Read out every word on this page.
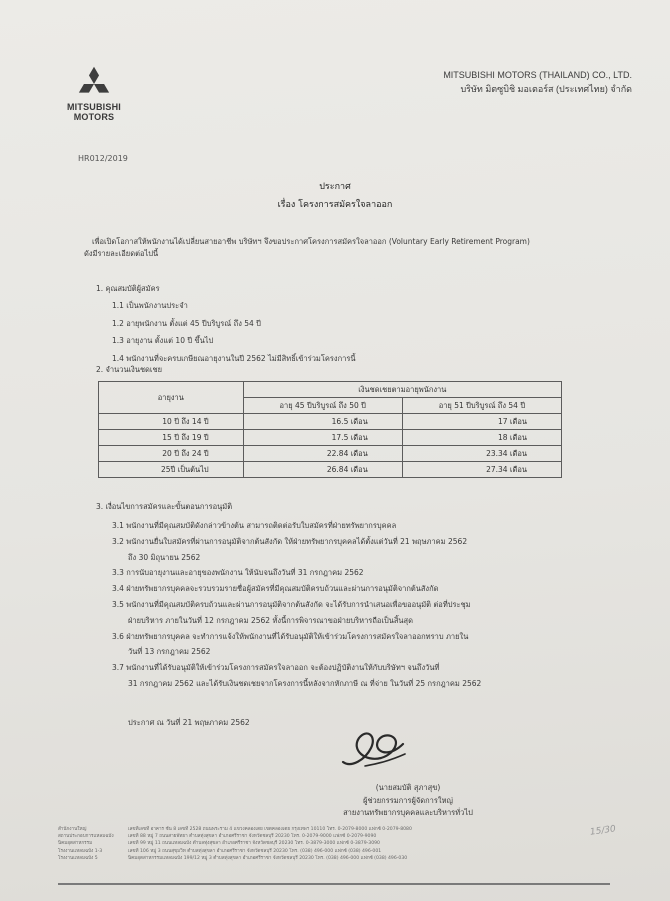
MITSUBISHI
MOTORS
MITSUBISHI MOTORS (THAILAND) CO., LTD.
บริษัท มิตซูบิชิ มอเตอร์ส (ประเทศไทย) จำกัด
HR012/2019
ประกาศ
เรื่อง โครงการสมัครใจลาออก
เพื่อเปิดโอกาสให้พนักงานได้เปลี่ยนสายอาชีพ บริษัทฯ จึงขอประกาศโครงการสมัครใจลาออก (Voluntary Early Retirement Program)
ดังมีรายละเอียดต่อไปนี้
1. คุณสมบัติผู้สมัคร
1.1 เป็นพนักงานประจำ
1.2 อายุพนักงาน ตั้งแต่ 45 ปีบริบูรณ์ ถึง 54 ปี
1.3 อายุงาน ตั้งแต่ 10 ปี ขึ้นไป
1.4 พนักงานที่จะครบเกษียณอายุงานในปี 2562 ไม่มีสิทธิ์เข้าร่วมโครงการนี้
2. จำนวนเงินชดเชย
อายุงาน	เงินชดเชยตามอายุพนักงาน	
	อายุ 45 ปีบริบูรณ์ ถึง 50 ปี	อายุ 51 ปีบริบูรณ์ ถึง 54 ปี
10 ปี ถึง 14 ปี	16.5 เดือน	17 เดือน
15 ปี ถึง 19 ปี	17.5 เดือน	18 เดือน
20 ปี ถึง 24 ปี	22.84 เดือน	23.34 เดือน
25ปี เป็นต้นไป	26.84 เดือน	27.34 เดือน
3. เงื่อนไขการสมัครและขั้นตอนการอนุมัติ
3.1 พนักงานที่มีคุณสมบัติดังกล่าวข้างต้น สามารถติดต่อรับใบสมัครที่ฝ่ายทรัพยากรบุคคล
3.2 พนักงานยื่นใบสมัครที่ผ่านการอนุมัติจากต้นสังกัด ให้ฝ่ายทรัพยากรบุคคลได้ตั้งแต่วันที่ 21 พฤษภาคม 2562
ถึง 30 มิถุนายน 2562
3.3 การนับอายุงานและอายุของพนักงาน ให้นับจนถึงวันที่ 31 กรกฎาคม 2562
3.4 ฝ่ายทรัพยากรบุคคลจะรวบรวมรายชื่อผู้สมัครที่มีคุณสมบัติครบถ้วนและผ่านการอนุมัติจากต้นสังกัด
3.5 พนักงานที่มีคุณสมบัติครบถ้วนและผ่านการอนุมัติจากต้นสังกัด จะได้รับการนำเสนอเพื่อขออนุมัติ ต่อที่ประชุม
ฝ่ายบริหาร ภายในวันที่ 12 กรกฎาคม 2562 ทั้งนี้การพิจารณาขอฝ่ายบริหารถือเป็นสิ้นสุด
3.6 ฝ่ายทรัพยากรบุคคล จะทำการแจ้งให้พนักงานที่ได้รับอนุมัติให้เข้าร่วมโครงการสมัครใจลาออกทราบ ภายใน
วันที่ 13 กรกฎาคม 2562
3.7 พนักงานที่ได้รับอนุมัติให้เข้าร่วมโครงการสมัครใจลาออก จะต้องปฏิบัติงานให้กับบริษัทฯ จนถึงวันที่
31 กรกฎาคม 2562 และได้รับเงินชดเชยจากโครงการนี้หลังจากหักภาษี ณ ที่จ่าย ในวันที่ 25 กรกฎาคม 2562
ประกาศ ณ วันที่ 21 พฤษภาคม 2562
(นายสมบัติ สุภาสุข)
ผู้ช่วยกรรมการผู้จัดการใหญ่
สายงานทรัพยากรบุคคลและบริหารทั่วไป
สำนักงานใหญ่	เลขที่เลขที่ อาคาร ชั้น 8 เลขที่ 2528 ถนนพระราม 4 แขวงคลองเตย เขตคลองเตย กรุงเทพฯ 10110 โทร. 0-2079-8000 แฟกซ์ 0-2079-8080
สถานประกอบการแหลมฉบัง	เลขที่ 88 หมู่ 7 ถนนสายพัทยา ตำบลทุ่งสุขลา อำเภอศรีราชา จังหวัดชลบุรี 20230 โทร. 0-2079-9000 แฟกซ์ 0-2079-9090
นิคมอุตสาหกรรม	เลขที่ 99 หมู่ 11 ถนนแหลมฉบัง ตำบลทุ่งสุขลา อำเภอศรีราชา จังหวัดชลบุรี 20230 โทร. 0-3879-3000 แฟกซ์ 0-3879-3090
โรงงานแหลมฉบัง 1-3	เลขที่ 106 หมู่ 3 ถนนสุขุมวิท ตำบลทุ่งสุขลา อำเภอศรีราชา จังหวัดชลบุรี 20230 โทร. (038) 496-000 แฟกซ์ (038) 496-001
โรงงานแหลมฉบัง 5	นิคมอุตสาหกรรมแหลมฉบัง 199/12 หมู่ 3 ตำบลทุ่งสุขลา อำเภอศรีราชา จังหวัดชลบุรี 20230 โทร. (038) 496-000 แฟกซ์ (038) 496-030
15/30
